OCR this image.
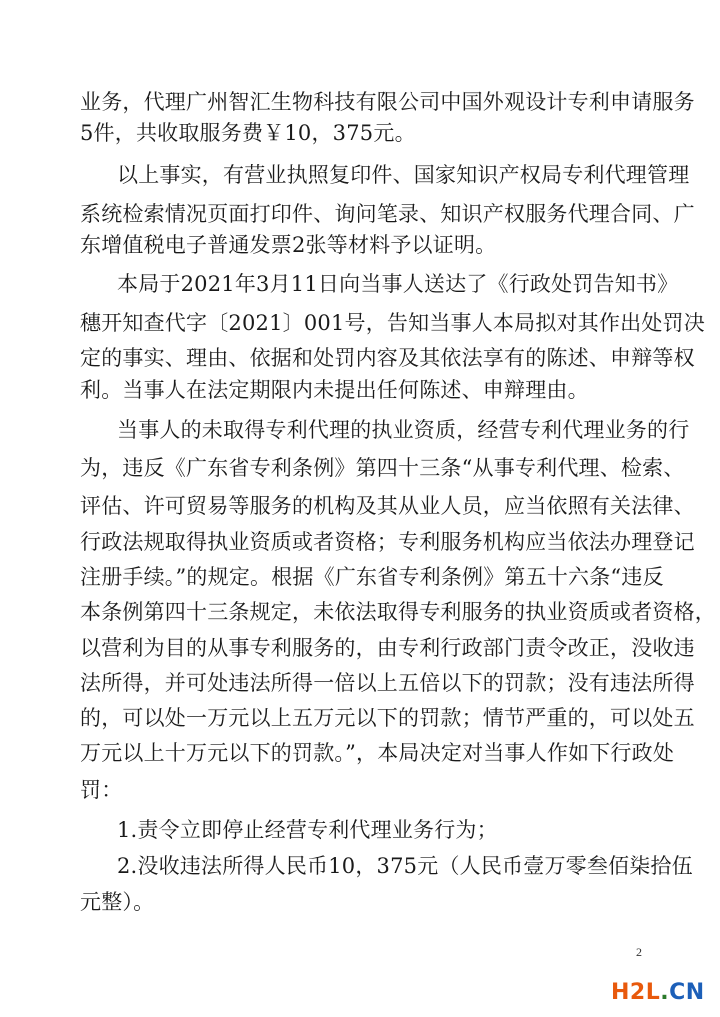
业务，代理广州智汇生物科技有限公司中国外观设计专利申请服务
5件，共收取服务费￥10，375元。
以上事实，有营业执照复印件、国家知识产权局专利代理管理
系统检索情况页面打印件、询问笔录、知识产权服务代理合同、广
东增值税电子普通发票2张等材料予以证明。
本局于2021年3月11日向当事人送达了《行政处罚告知书》
穗开知查代字〔2021〕001号，告知当事人本局拟对其作出处罚决
定的事实、理由、依据和处罚内容及其依法享有的陈述、申辩等权
利。当事人在法定期限内未提出任何陈述、申辩理由。
当事人的未取得专利代理的执业资质，经营专利代理业务的行
为，违反《广东省专利条例》第四十三条“从事专利代理、检索、
评估、许可贸易等服务的机构及其从业人员，应当依照有关法律、
行政法规取得执业资质或者资格；专利服务机构应当依法办理登记
注册手续。”的规定。根据《广东省专利条例》第五十六条“违反
本条例第四十三条规定，未依法取得专利服务的执业资质或者资格，
以营利为目的从事专利服务的，由专利行政部门责令改正，没收违
法所得，并可处违法所得一倍以上五倍以下的罚款；没有违法所得
的，可以处一万元以上五万元以下的罚款；情节严重的，可以处五
万元以上十万元以下的罚款。”，本局决定对当事人作如下行政处
罚：
1.责令立即停止经营专利代理业务行为；
2.没收违法所得人民币10，375元（人民币壹万零叁佰柒拾伍
元整）。
2
H2L.CN
